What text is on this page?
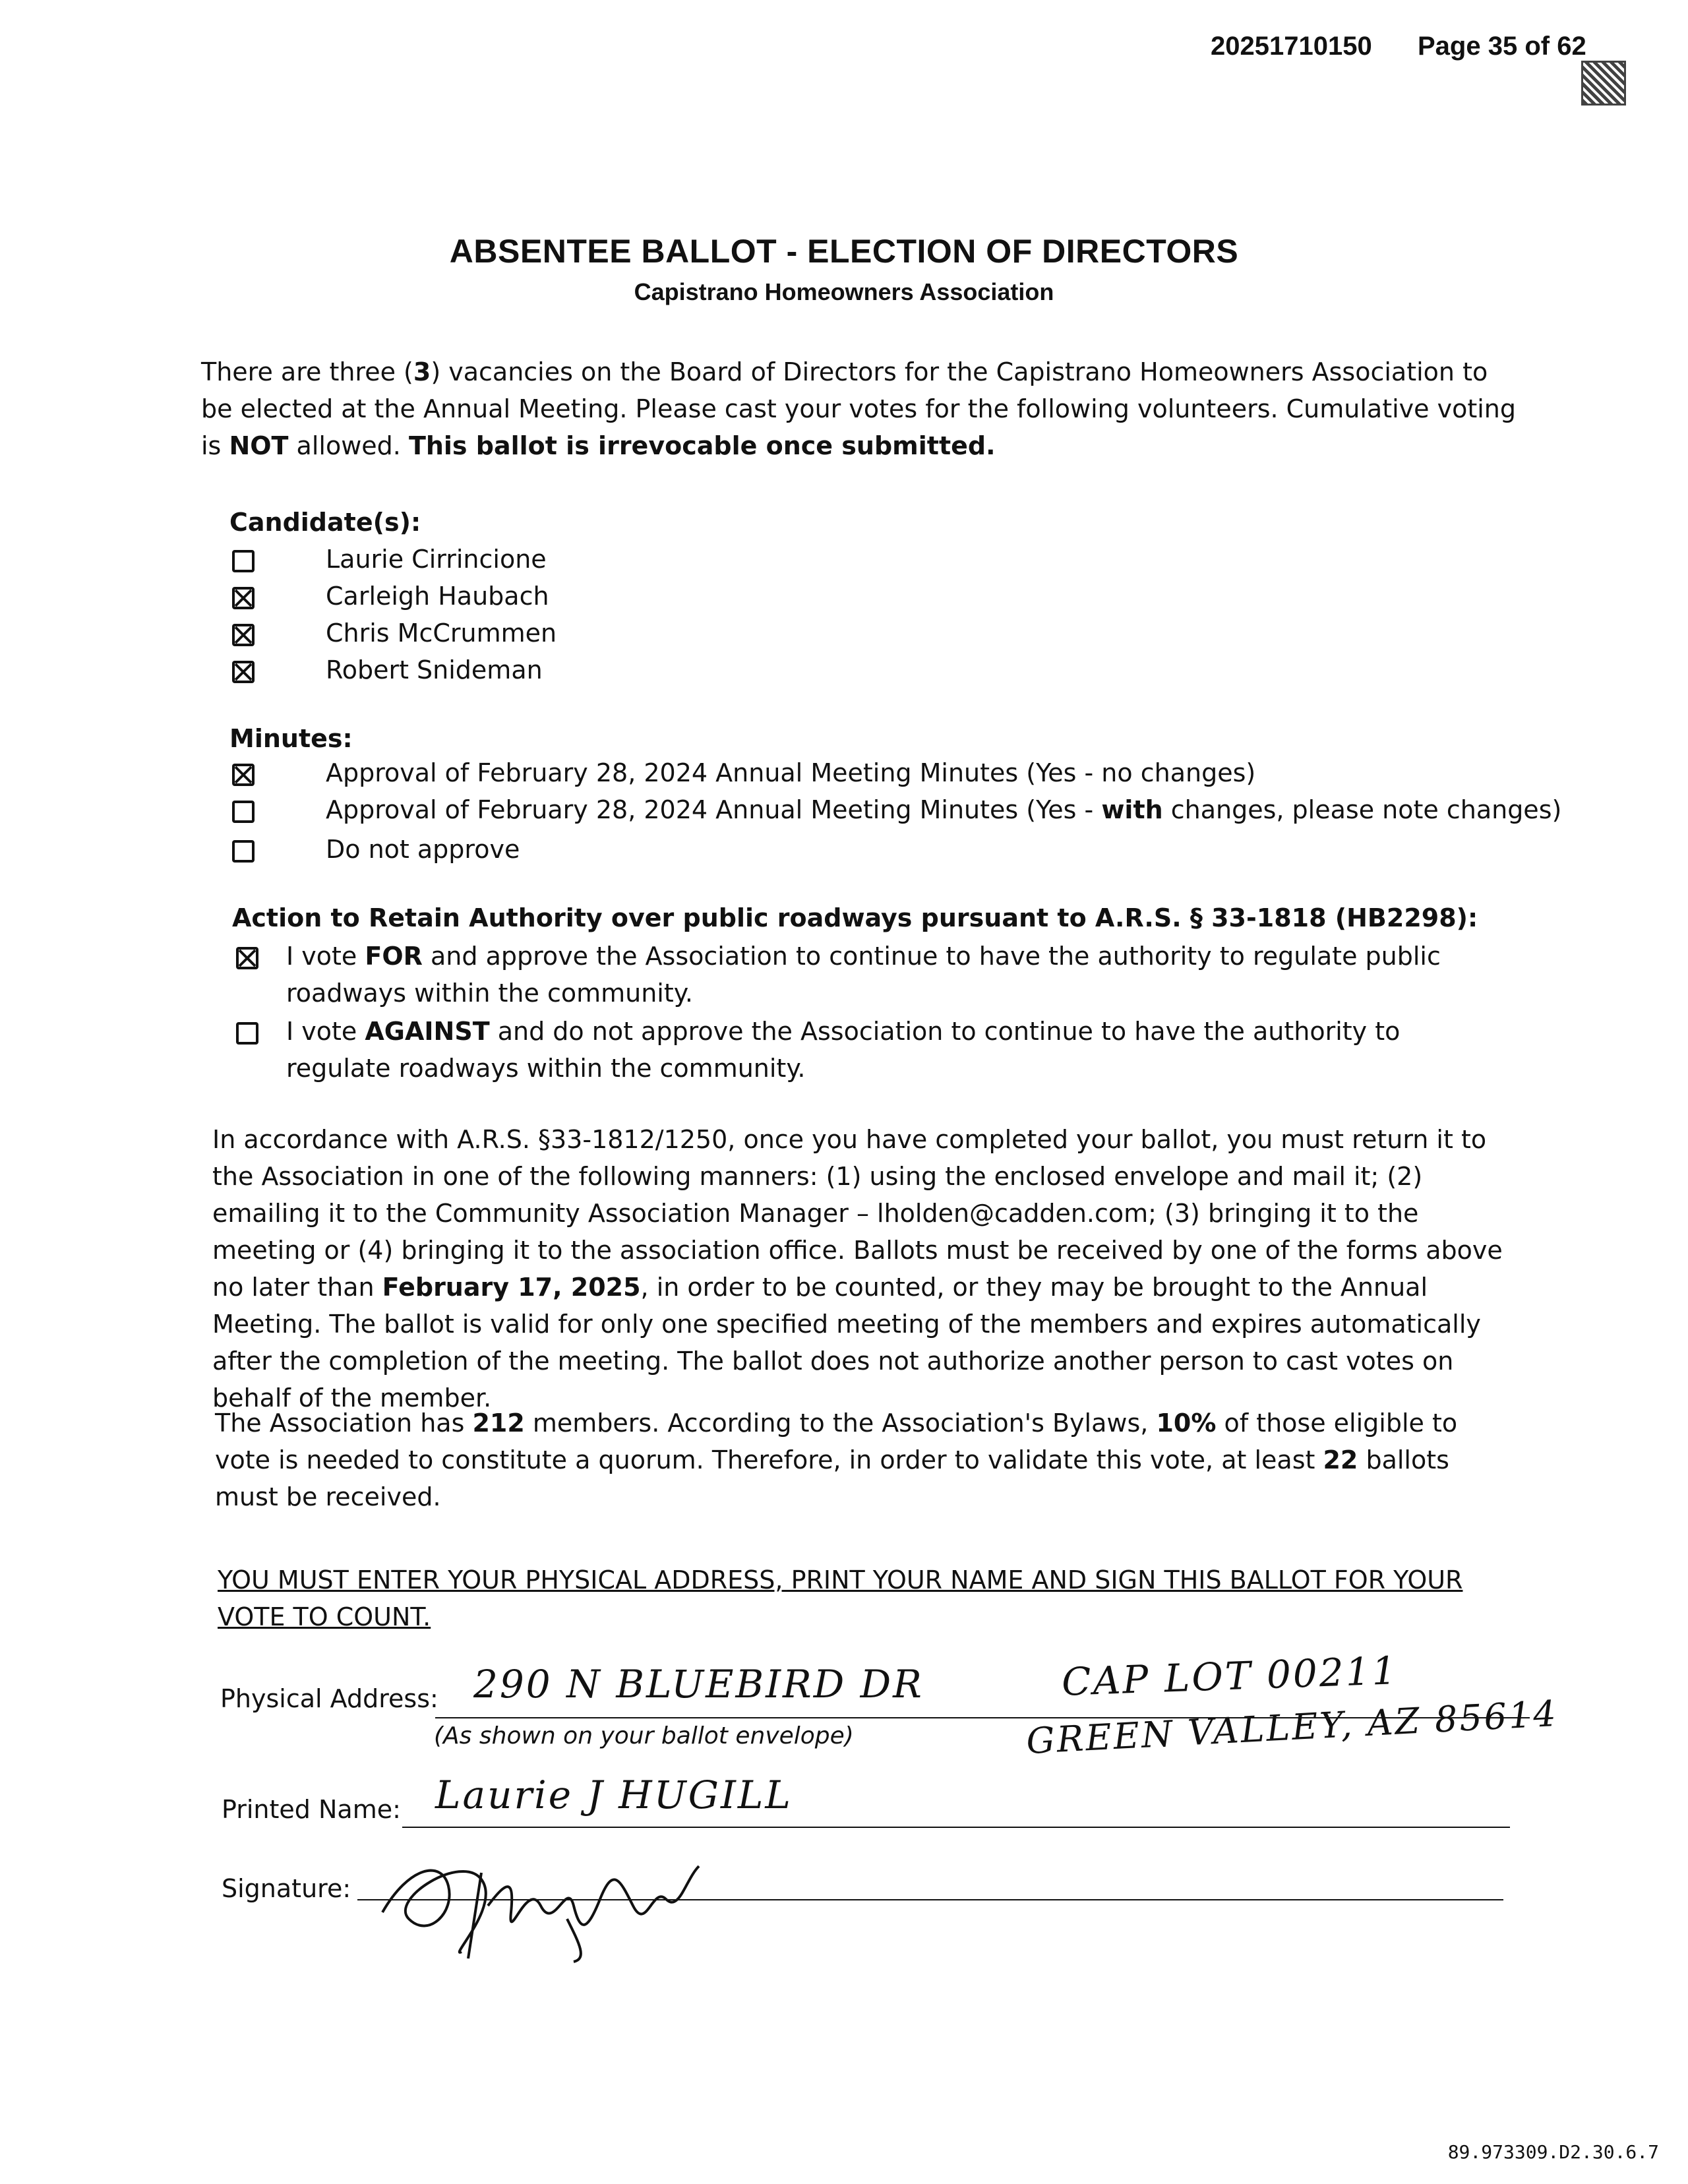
20251710150 Page 35 of 62
ABSENTEE BALLOT - ELECTION OF DIRECTORS
Capistrano Homeowners Association
There are three (3) vacancies on the Board of Directors for the Capistrano Homeowners Association to be elected at the Annual Meeting. Please cast your votes for the following volunteers. Cumulative voting is NOT allowed. This ballot is irrevocable once submitted.
Candidate(s):
Laurie Cirrincione
Carleigh Haubach
Chris McCrummen
Robert Snideman
Minutes:
Approval of February 28, 2024 Annual Meeting Minutes (Yes - no changes)
Approval of February 28, 2024 Annual Meeting Minutes (Yes - with changes, please note changes)
Do not approve
Action to Retain Authority over public roadways pursuant to A.R.S. § 33-1818 (HB2298):
I vote FOR and approve the Association to continue to have the authority to regulate public roadways within the community.
I vote AGAINST and do not approve the Association to continue to have the authority to regulate roadways within the community.
In accordance with A.R.S. §33-1812/1250, once you have completed your ballot, you must return it to the Association in one of the following manners: (1) using the enclosed envelope and mail it; (2) emailing it to the Community Association Manager – lholden@cadden.com; (3) bringing it to the meeting or (4) bringing it to the association office. Ballots must be received by one of the forms above no later than February 17, 2025, in order to be counted, or they may be brought to the Annual Meeting. The ballot is valid for only one specified meeting of the members and expires automatically after the completion of the meeting. The ballot does not authorize another person to cast votes on behalf of the member.
The Association has 212 members. According to the Association's Bylaws, 10% of those eligible to vote is needed to constitute a quorum. Therefore, in order to validate this vote, at least 22 ballots must be received.
YOU MUST ENTER YOUR PHYSICAL ADDRESS, PRINT YOUR NAME AND SIGN THIS BALLOT FOR YOUR VOTE TO COUNT.
Physical Address: 290 N BLUEBIRD DR	CAP LOT 00211
(As shown on your ballot envelope)	GREEN VALLEY, AZ 85614
Printed Name: Laurie J HUGILL
Signature:
89.973309.D2.30.6.7
